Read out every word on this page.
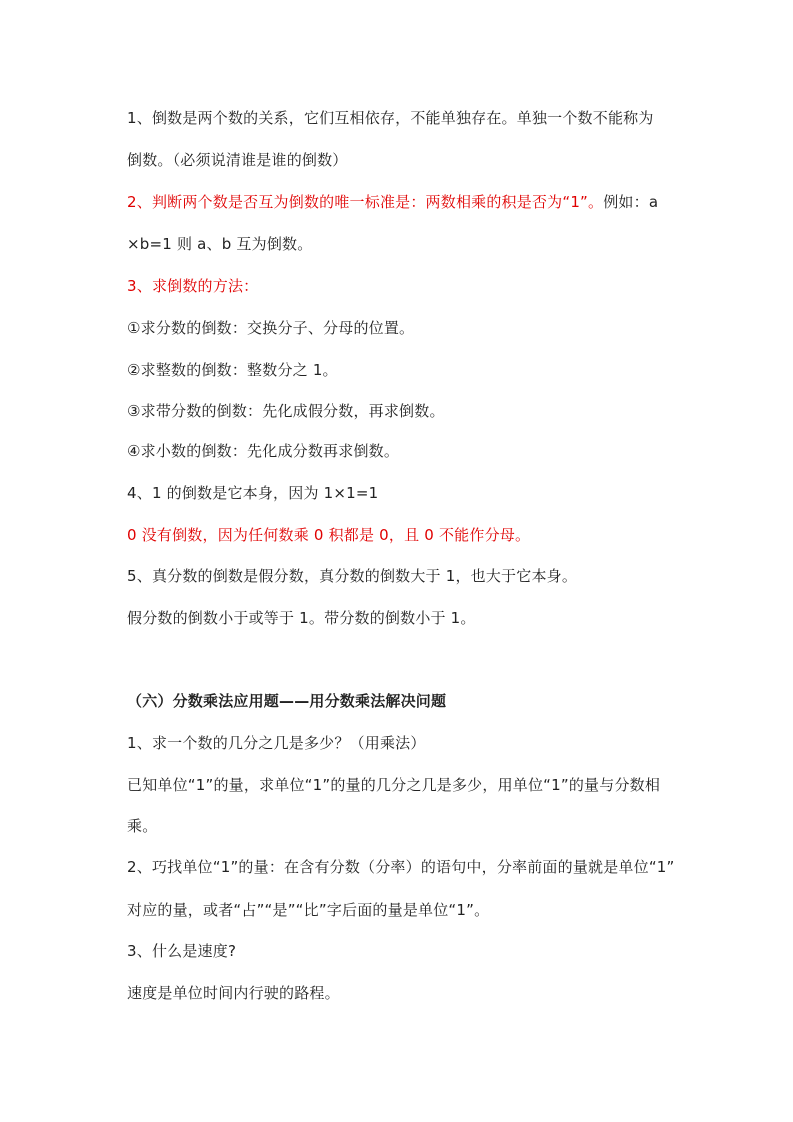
1、倒数是两个数的关系，它们互相依存，不能单独存在。单独一个数不能称为
倒数。（必须说清谁是谁的倒数）
2、判断两个数是否互为倒数的唯一标准是：两数相乘的积是否为“1”。例如：a
×b=1 则 a、b 互为倒数。
3、求倒数的方法：
①求分数的倒数：交换分子、分母的位置。
②求整数的倒数：整数分之 1。
③求带分数的倒数：先化成假分数，再求倒数。
④求小数的倒数：先化成分数再求倒数。
4、1 的倒数是它本身，因为 1×1=1
0 没有倒数，因为任何数乘 0 积都是 0，且 0 不能作分母。
5、真分数的倒数是假分数，真分数的倒数大于 1，也大于它本身。
假分数的倒数小于或等于 1。带分数的倒数小于 1。
（六）分数乘法应用题——用分数乘法解决问题
1、求一个数的几分之几是多少？（用乘法）
已知单位“1”的量，求单位“1”的量的几分之几是多少，用单位“1”的量与分数相
乘。
2、巧找单位“1”的量：在含有分数（分率）的语句中，分率前面的量就是单位“1”
对应的量，或者“占”“是”“比”字后面的量是单位“1”。
3、什么是速度?
速度是单位时间内行驶的路程。
